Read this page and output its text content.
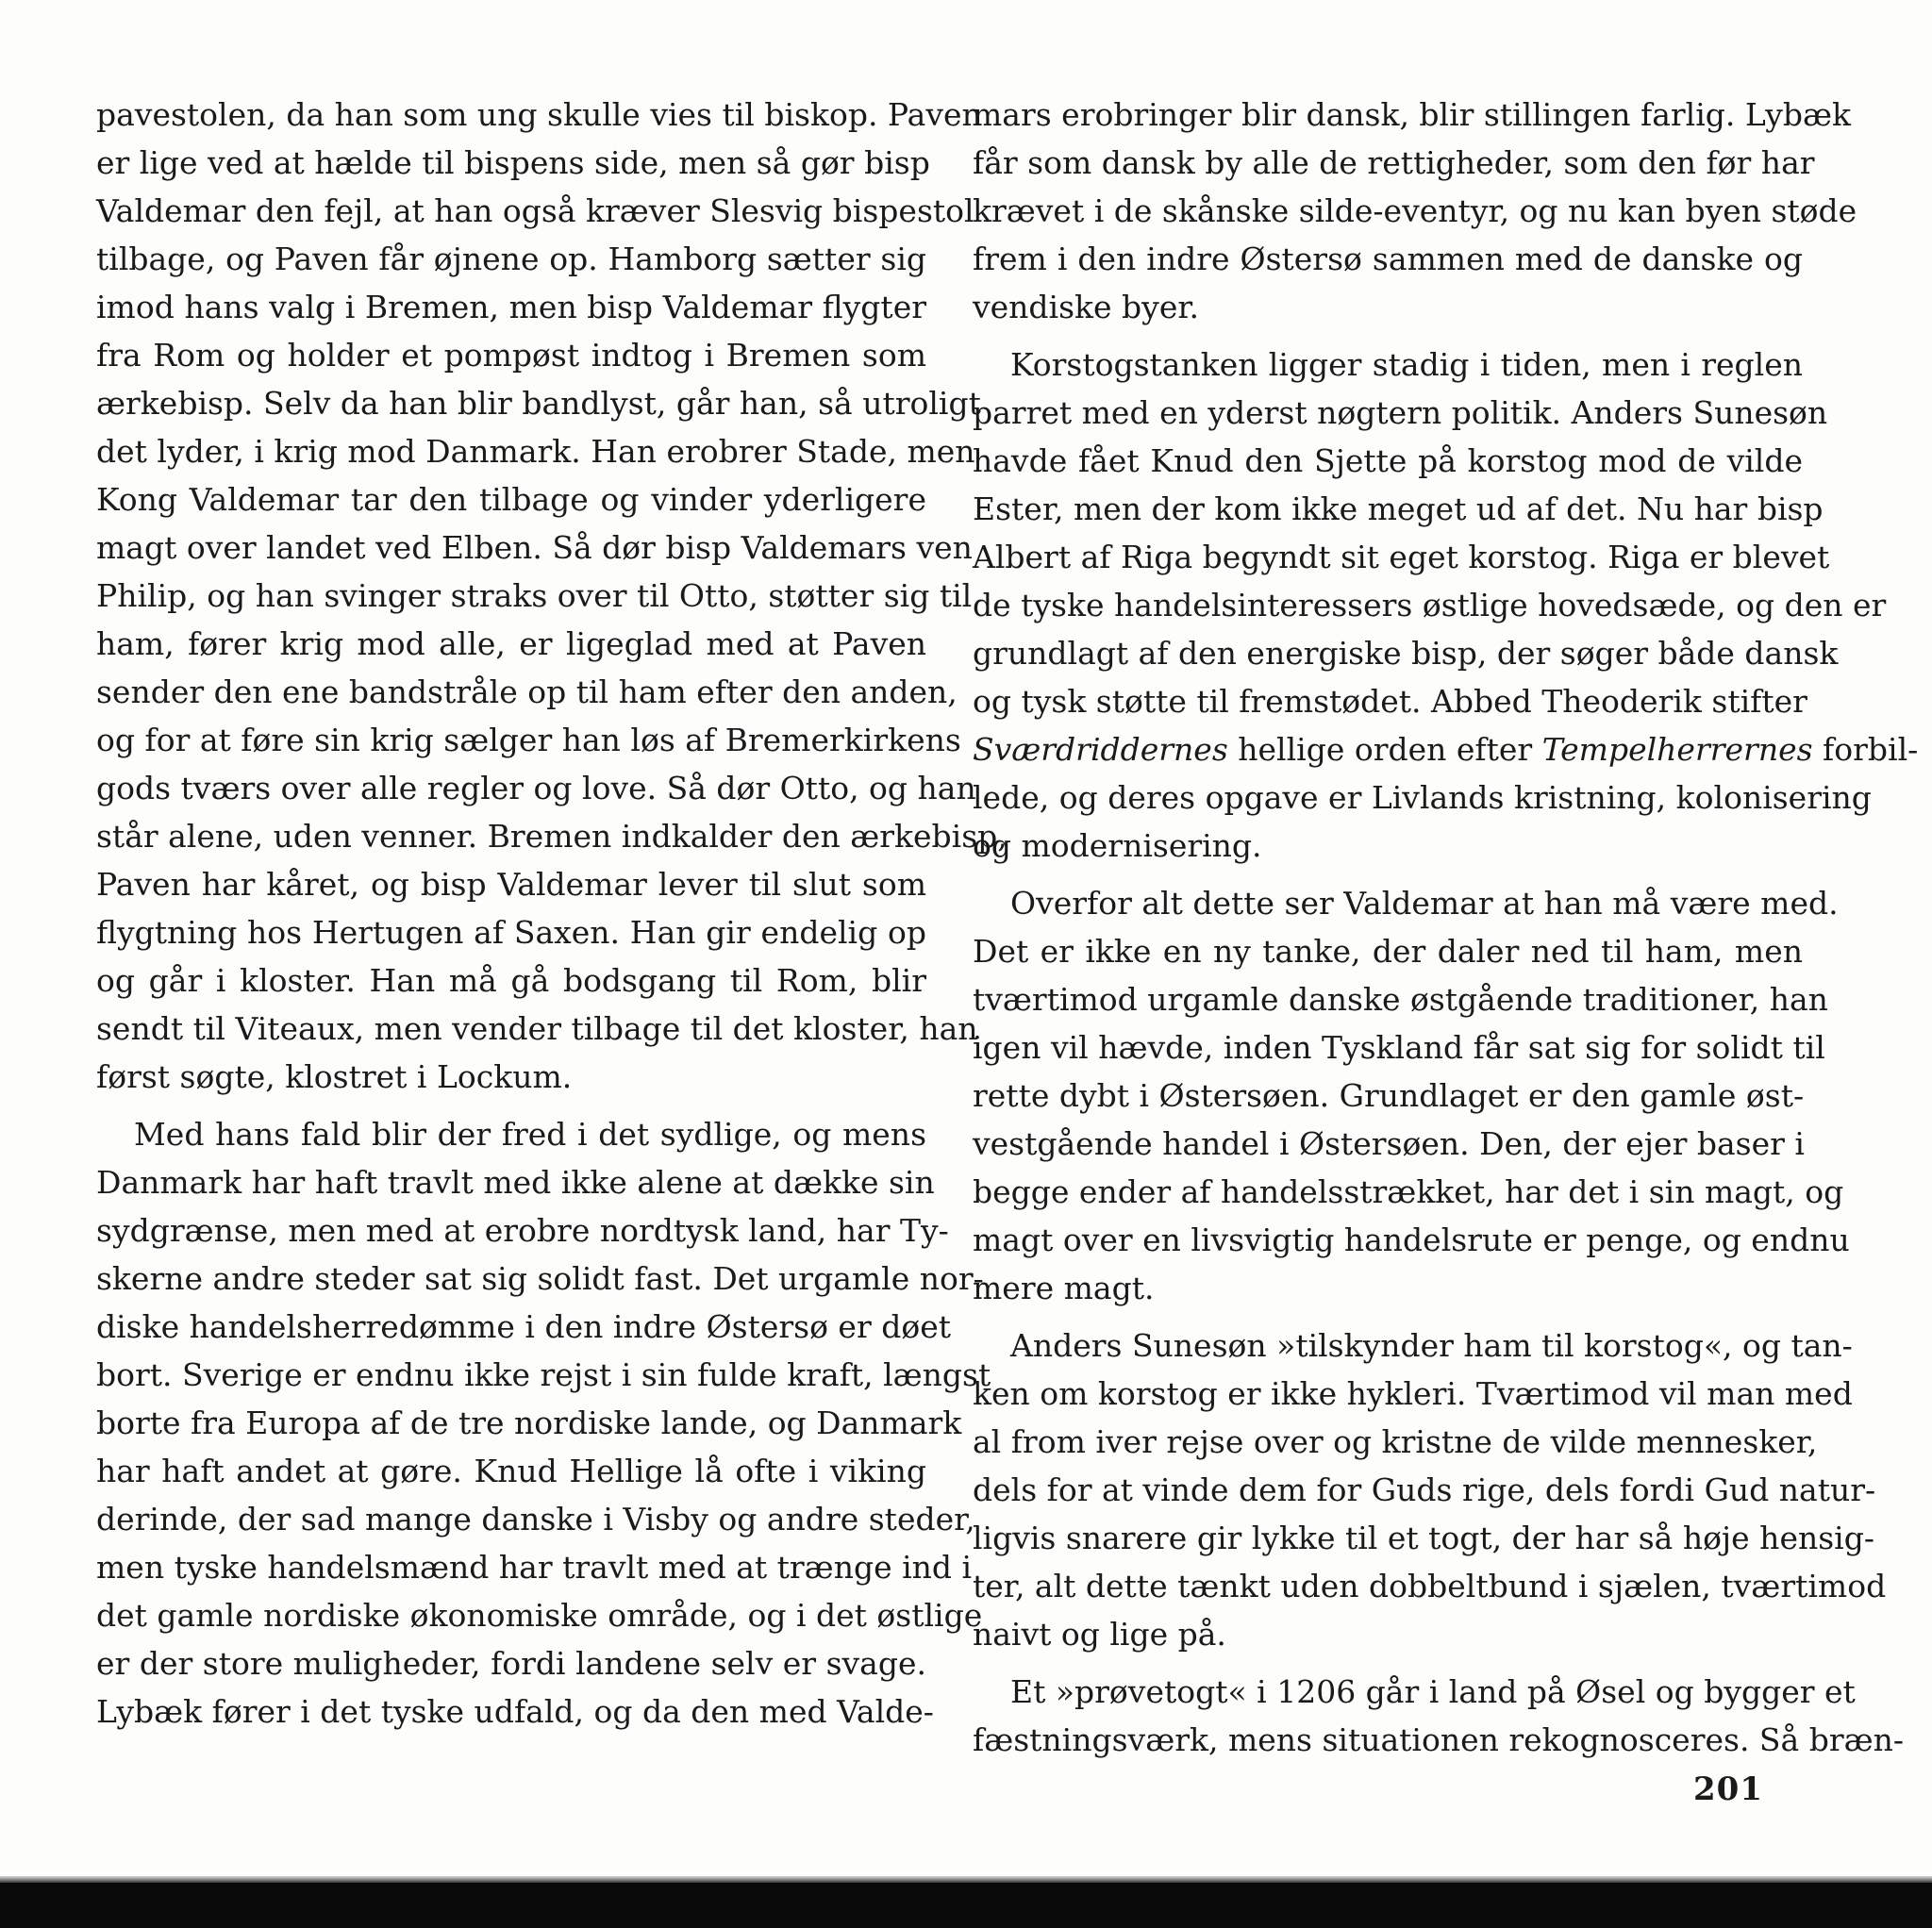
pavestolen, da han som ung skulle vies til biskop. Paven
er lige ved at hælde til bispens side, men så gør bisp
Valdemar den fejl, at han også kræver Slesvig bispestol
tilbage, og Paven får øjnene op. Hamborg sætter sig
imod hans valg i Bremen, men bisp Valdemar flygter
fra Rom og holder et pompøst indtog i Bremen som
ærkebisp. Selv da han blir bandlyst, går han, så utroligt
det lyder, i krig mod Danmark. Han erobrer Stade, men
Kong Valdemar tar den tilbage og vinder yderligere
magt over landet ved Elben. Så dør bisp Valdemars ven
Philip, og han svinger straks over til Otto, støtter sig til
ham, fører krig mod alle, er ligeglad med at Paven
sender den ene bandstråle op til ham efter den anden,
og for at føre sin krig sælger han løs af Bremerkirkens
gods tværs over alle regler og love. Så dør Otto, og han
står alene, uden venner. Bremen indkalder den ærkebisp,
Paven har kåret, og bisp Valdemar lever til slut som
flygtning hos Hertugen af Saxen. Han gir endelig op
og går i kloster. Han må gå bodsgang til Rom, blir
sendt til Viteaux, men vender tilbage til det kloster, han
først søgte, klostret i Lockum.
Med hans fald blir der fred i det sydlige, og mens
Danmark har haft travlt med ikke alene at dække sin
sydgrænse, men med at erobre nordtysk land, har Ty-
skerne andre steder sat sig solidt fast. Det urgamle nor-
diske handelsherredømme i den indre Østersø er døet
bort. Sverige er endnu ikke rejst i sin fulde kraft, længst
borte fra Europa af de tre nordiske lande, og Danmark
har haft andet at gøre. Knud Hellige lå ofte i viking
derinde, der sad mange danske i Visby og andre steder,
men tyske handelsmænd har travlt med at trænge ind i
det gamle nordiske økonomiske område, og i det østlige
er der store muligheder, fordi landene selv er svage.
Lybæk fører i det tyske udfald, og da den med Valde-
mars erobringer blir dansk, blir stillingen farlig. Lybæk
får som dansk by alle de rettigheder, som den før har
krævet i de skånske silde-eventyr, og nu kan byen støde
frem i den indre Østersø sammen med de danske og
vendiske byer.
Korstogstanken ligger stadig i tiden, men i reglen
parret med en yderst nøgtern politik. Anders Sunesøn
havde fået Knud den Sjette på korstog mod de vilde
Ester, men der kom ikke meget ud af det. Nu har bisp
Albert af Riga begyndt sit eget korstog. Riga er blevet
de tyske handelsinteressers østlige hovedsæde, og den er
grundlagt af den energiske bisp, der søger både dansk
og tysk støtte til fremstødet. Abbed Theoderik stifter
Sværdriddernes hellige orden efter Tempelherrernes forbil-
lede, og deres opgave er Livlands kristning, kolonisering
og modernisering.
Overfor alt dette ser Valdemar at han må være med.
Det er ikke en ny tanke, der daler ned til ham, men
tværtimod urgamle danske østgående traditioner, han
igen vil hævde, inden Tyskland får sat sig for solidt til
rette dybt i Østersøen. Grundlaget er den gamle øst-
vestgående handel i Østersøen. Den, der ejer baser i
begge ender af handelsstrækket, har det i sin magt, og
magt over en livsvigtig handelsrute er penge, og endnu
mere magt.
Anders Sunesøn »tilskynder ham til korstog«, og tan-
ken om korstog er ikke hykleri. Tværtimod vil man med
al from iver rejse over og kristne de vilde mennesker,
dels for at vinde dem for Guds rige, dels fordi Gud natur-
ligvis snarere gir lykke til et togt, der har så høje hensig-
ter, alt dette tænkt uden dobbeltbund i sjælen, tværtimod
naivt og lige på.
Et »prøvetogt« i 1206 går i land på Øsel og bygger et
fæstningsværk, mens situationen rekognosceres. Så bræn-
201
